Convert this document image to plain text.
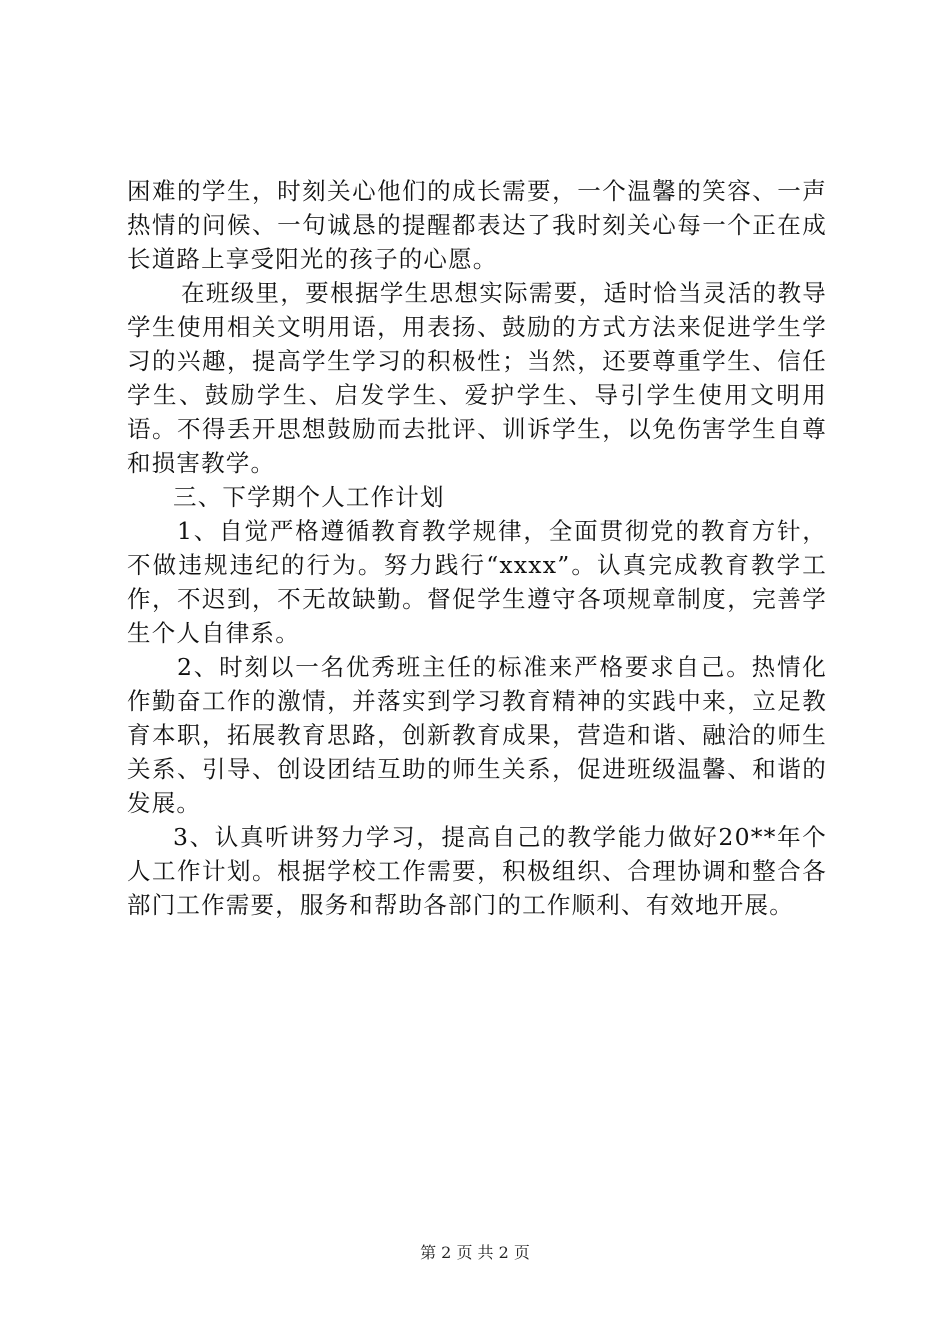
困难的学生，时刻关心他们的成长需要，一个温馨的笑容、一声热情的问候、一句诚恳的提醒都表达了我时刻关心每一个正在成长道路上享受阳光的孩子的心愿。

在班级里，要根据学生思想实际需要，适时恰当灵活的教导学生使用相关文明用语，用表扬、鼓励的方式方法来促进学生学习的兴趣，提高学生学习的积极性；当然，还要尊重学生、信任学生、鼓励学生、启发学生、爱护学生、导引学生使用文明用语。不得丢开思想鼓励而去批评、训诉学生，以免伤害学生自尊和损害教学。

三、下学期个人工作计划

1、自觉严格遵循教育教学规律，全面贯彻党的教育方针，不做违规违纪的行为。努力践行“xxxx”。认真完成教育教学工作，不迟到，不无故缺勤。督促学生遵守各项规章制度，完善学生个人自律系。

2、时刻以一名优秀班主任的标准来严格要求自己。热情化作勤奋工作的激情，并落实到学习教育精神的实践中来，立足教育本职，拓展教育思路，创新教育成果，营造和谐、融洽的师生关系、引导、创设团结互助的师生关系，促进班级温馨、和谐的发展。

3、认真听讲努力学习，提高自己的教学能力做好20**年个人工作计划。根据学校工作需要，积极组织、合理协调和整合各部门工作需要，服务和帮助各部门的工作顺利、有效地开展。

第 2 页 共 2 页
